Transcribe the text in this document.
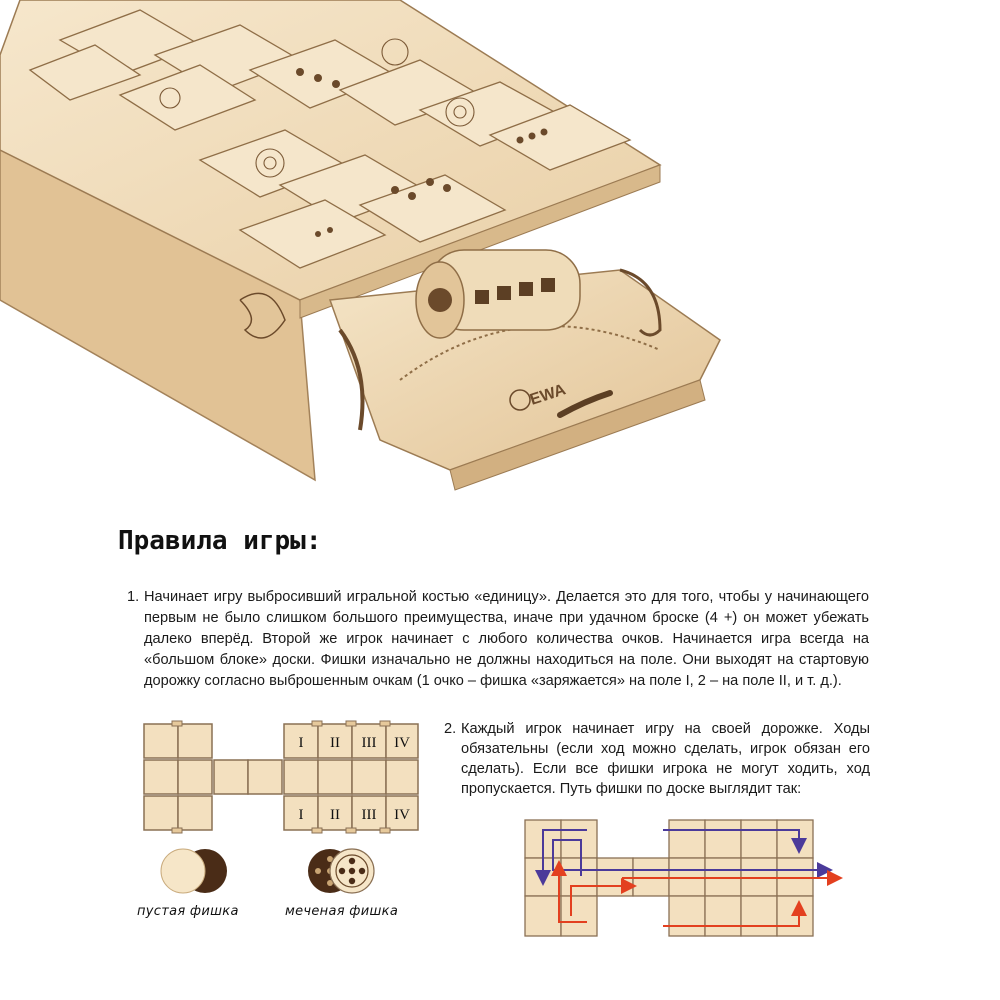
EWA
Правила игры:
1. Начинает игру выбросивший игральной костью «единицу». Делается это для того, чтобы у начинающего первым не было слишком большого преимущества, иначе при удачном броске (4 +) он может убежать далеко вперёд. Второй же игрок начинает с любого количества очков. Начинается игра всегда на «большом блоке» доски. Фишки изначально не должны находиться на поле. Они выходят на стартовую дорожку согласно выброшенным очкам (1 очко – фишка «заряжается» на поле I, 2 – на поле II, и т. д.).
I II III IV
I II III IV
пустая фишка	меченая фишка
2. Каждый игрок начинает игру на своей дорожке. Ходы обязательны (если ход можно сделать, игрок обязан его сделать). Если все фишки игрока не могут ходить, ход пропускается. Путь фишки по доске выглядит так:
